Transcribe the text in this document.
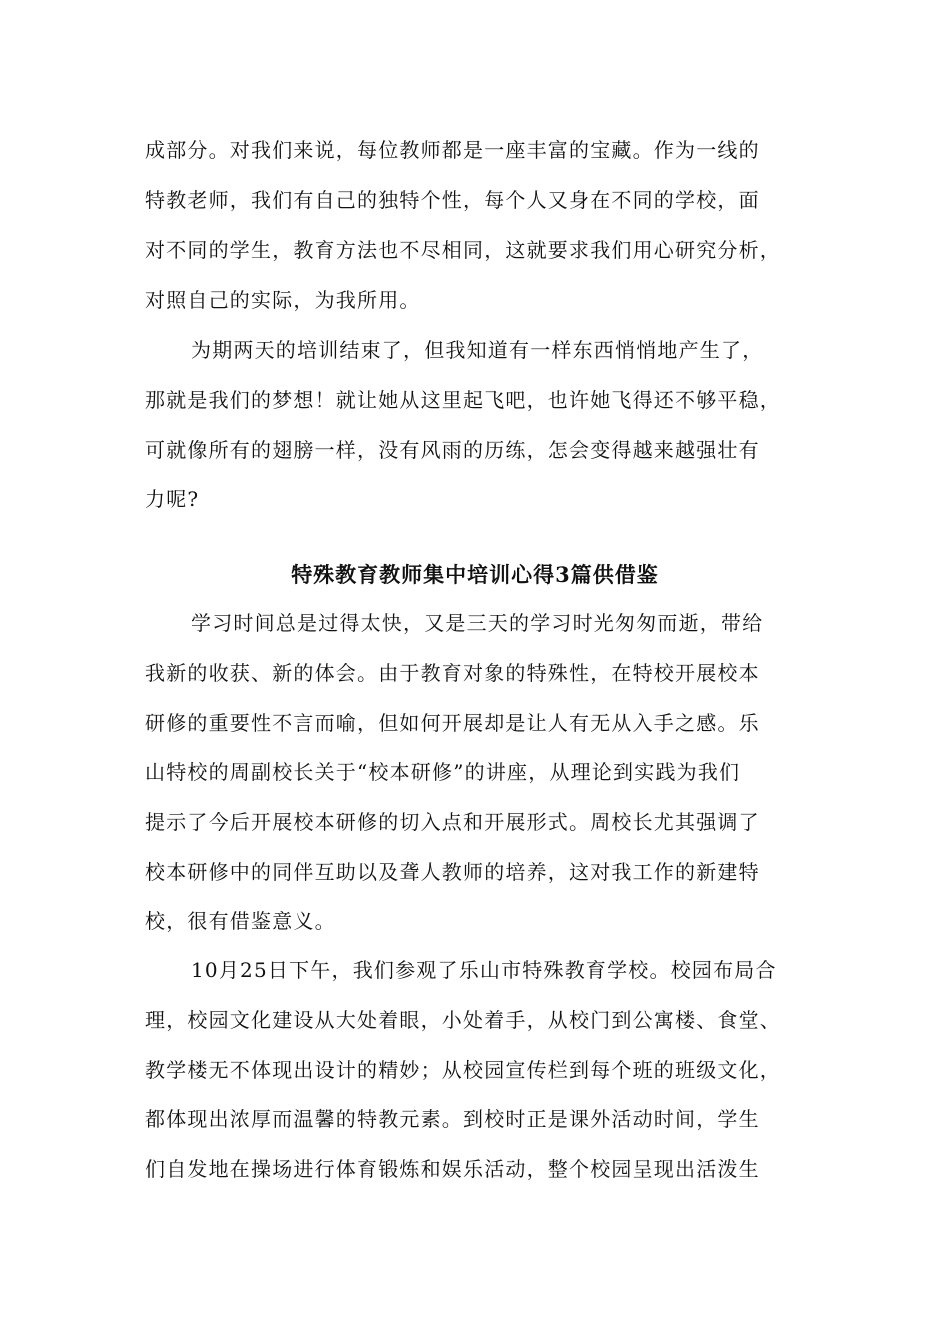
成部分。对我们来说，每位教师都是一座丰富的宝藏。作为一线的
特教老师，我们有自己的独特个性，每个人又身在不同的学校，面
对不同的学生，教育方法也不尽相同，这就要求我们用心研究分析，
对照自己的实际，为我所用。
为期两天的培训结束了，但我知道有一样东西悄悄地产生了，
那就是我们的梦想！就让她从这里起飞吧，也许她飞得还不够平稳，
可就像所有的翅膀一样，没有风雨的历练，怎会变得越来越强壮有
力呢?
特殊教育教师集中培训心得3篇供借鉴
学习时间总是过得太快，又是三天的学习时光匆匆而逝，带给
我新的收获、新的体会。由于教育对象的特殊性，在特校开展校本
研修的重要性不言而喻，但如何开展却是让人有无从入手之感。乐
山特校的周副校长关于“校本研修”的讲座，从理论到实践为我们
提示了今后开展校本研修的切入点和开展形式。周校长尤其强调了
校本研修中的同伴互助以及聋人教师的培养，这对我工作的新建特
校，很有借鉴意义。
10月25日下午，我们参观了乐山市特殊教育学校。校园布局合
理，校园文化建设从大处着眼，小处着手，从校门到公寓楼、食堂、
教学楼无不体现出设计的精妙；从校园宣传栏到每个班的班级文化，
都体现出浓厚而温馨的特教元素。到校时正是课外活动时间，学生
们自发地在操场进行体育锻炼和娱乐活动，整个校园呈现出活泼生
